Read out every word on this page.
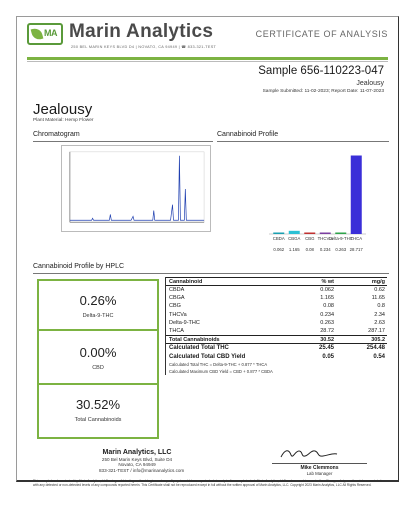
MA Marin Analytics
250 BEL MARIN KEYS BLVD D4 | NOVATO, CA 94949 | ☎ 833-321-TEST
CERTIFICATE OF ANALYSIS
Sample 656-110223-047
Jealousy
Sample Submitted: 11-02-2023; Report Date: 11-07-2023
Jealousy
Plant Material: Hemp Flower
Chromatogram	Cannabinoid Profile
CBDA
0.062
CBGA
1.165
CBG
0.08
THCV a
0.234
Delta-9-THC
0.263
THCA
28.717
Cannabinoid Profile by HPLC
0.26%
Delta-9-THC
0.00%
CBD
30.52%
Total Cannabinoids
Cannabinoid	% wt	mg/g
CBDA	0.062	0.62
CBGA	1.165	11.65
CBG	0.08	0.8
THCVa	0.234	2.34
Delta-9-THC	0.263	2.63
THCA	28.72	287.17
Total Cannabinoids	30.52	305.2
Calculated Total THC	25.45	254.48
Calculated Total CBD Yield	0.05	0.54
Calculated Total THC = Delta-9-THC + 0.877 * THCA
Calculated Maximum CBD Yield = CBD + 0.877 * CBDA
Marin Analytics, LLC
250 Bel Marin Keys Blvd, Suite D4
Novato, CA 94949
833-321-TEST / info@marinanalytics.com	Mike Clemmons
Lab Manager
This sample has been tested by Marin Analytics, LLC using valid testing methodologies and a quality system. Values reported relate only to the sample tested. Marin Analytics, LLC makes no claims as to the efficacy, safety, or other risks associated with any detected or non-detected levels of any compounds reported herein. This Certificate shall not be reproduced except in full without the written approval of Marin Analytics, LLC. Copyright 2023 Marin Analytics, LLC All Rights Reserved.
